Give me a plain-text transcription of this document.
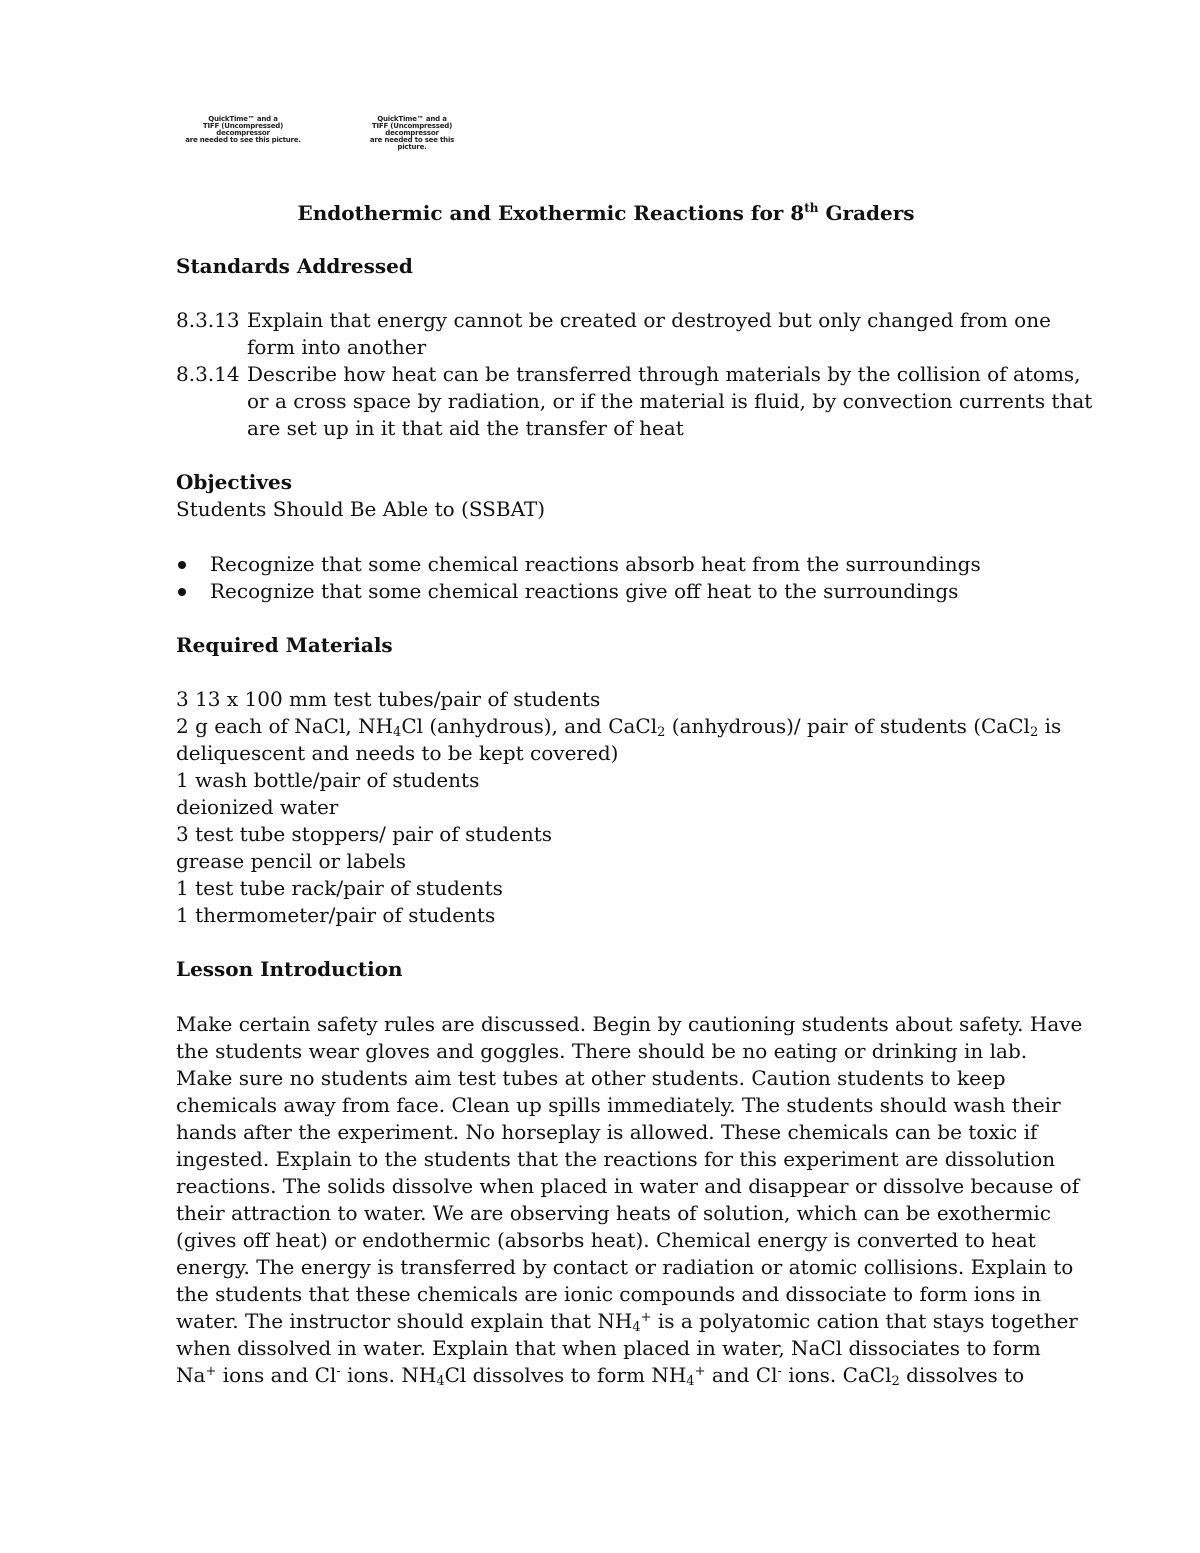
QuickTime™ and a
TIFF (Uncompressed) decompressor
are needed to see this picture.
QuickTime™ and a
TIFF (Uncompressed) decompressor
are needed to see this picture.
Endothermic and Exothermic Reactions for 8th Graders
Standards Addressed
8.3.13 Explain that energy cannot be created or destroyed but only changed from one
form into another
8.3.14 Describe how heat can be transferred through materials by the collision of atoms,
or a cross space by radiation, or if the material is fluid, by convection currents that
are set up in it that aid the transfer of heat
Objectives
Students Should Be Able to (SSBAT)
Recognize that some chemical reactions absorb heat from the surroundings
Recognize that some chemical reactions give off heat to the surroundings
Required Materials
3 13 x 100 mm test tubes/pair of students
2 g each of NaCl, $NH_4Cl$ (anhydrous), and CaCl$_2$ (anhydrous)/ pair of students (CaCl$_2$ is
deliquescent and needs to be kept covered)
1 wash bottle/pair of students
deionized water
3 test tube stoppers/ pair of students
grease pencil or labels
1 test tube rack/pair of students
1 thermometer/pair of students
Lesson Introduction
Make certain safety rules are discussed. Begin by cautioning students about safety. Have
the students wear gloves and goggles. There should be no eating or drinking in lab.
Make sure no students aim test tubes at other students. Caution students to keep
chemicals away from face. Clean up spills immediately. The students should wash their
hands after the experiment. No horseplay is allowed. These chemicals can be toxic if
ingested. Explain to the students that the reactions for this experiment are dissolution
reactions. The solids dissolve when placed in water and disappear or dissolve because of
their attraction to water. We are observing heats of solution, which can be exothermic
(gives off heat) or endothermic (absorbs heat). Chemical energy is converted to heat
energy. The energy is transferred by contact or radiation or atomic collisions. Explain to
the students that these chemicals are ionic compounds and dissociate to form ions in
water. The instructor should explain that $NH_4^+$ is a polyatomic cation that stays together
when dissolved in water. Explain that when placed in water, NaCl dissociates to form
Na+ ions and Cl- ions. $NH_4Cl$ dissolves to form $NH_4^+$ and Cl- ions. CaCl$_2$ dissolves to
